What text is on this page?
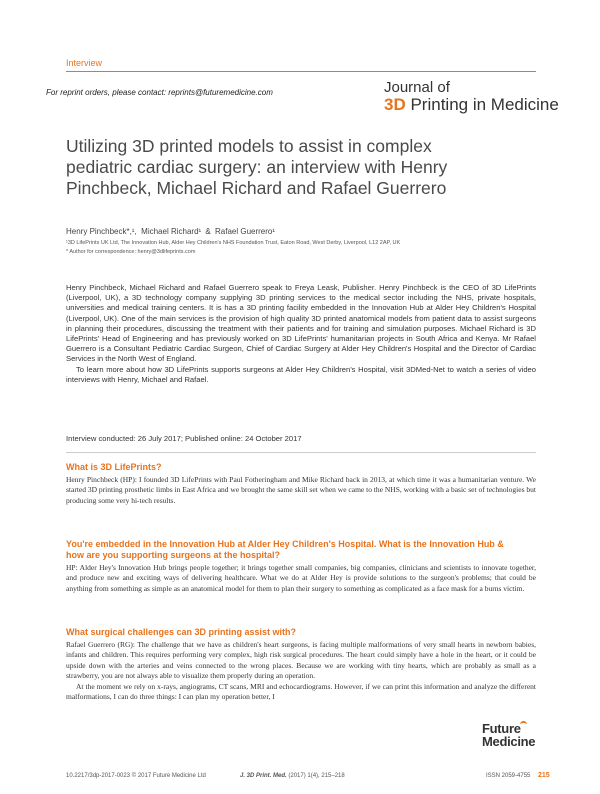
Interview
For reprint orders, please contact: reprints@futuremedicine.com	Journal of
3D Printing in Medicine
Utilizing 3D printed models to assist in complex pediatric cardiac surgery: an interview with Henry Pinchbeck, Michael Richard and Rafael Guerrero
Henry Pinchbeck*,¹, Michael Richard¹ & Rafael Guerrero¹
¹3D LifePrints UK Ltd, The Innovation Hub, Alder Hey Children's NHS Foundation Trust, Eaton Road, West Derby, Liverpool, L12 2AP, UK
* Author for correspondence: henry@3dlifeprints.com

Henry Pinchbeck, Michael Richard and Rafael Guerrero speak to Freya Leask, Publisher. Henry Pinchbeck is the CEO of 3D LifePrints (Liverpool, UK), a 3D technology company supplying 3D printing services to the medical sector including the NHS, private hospitals, universities and medical training centers. It is has a 3D printing facility embedded in the Innovation Hub at Alder Hey Children's Hospital (Liverpool, UK). One of the main services is the provision of high quality 3D printed anatomical models from patient data to assist surgeons in planning their procedures, discussing the treatment with their patients and for training and simulation purposes. Michael Richard is 3D LifePrints' Head of Engineering and has previously worked on 3D LifePrints' humanitarian projects in South Africa and Kenya. Mr Rafael Guerrero is a Consultant Pediatric Cardiac Surgeon, Chief of Cardiac Surgery at Alder Hey Children's Hospital and the Director of Cardiac Services in the North West of England.

To learn more about how 3D LifePrints supports surgeons at Alder Hey Children's Hospital, visit 3DMed-Net to watch a series of video interviews with Henry, Michael and Rafael.

Interview conducted: 26 July 2017; Published online: 24 October 2017
What is 3D LifePrints?

Henry Pinchbeck (HP): I founded 3D LifePrints with Paul Fotheringham and Mike Richard back in 2013, at which time it was a humanitarian venture. We started 3D printing prosthetic limbs in East Africa and we brought the same skill set when we came to the NHS, working with a basic set of technologies but producing some very hi-tech results.

You're embedded in the Innovation Hub at Alder Hey Children's Hospital. What is the Innovation Hub & how are you supporting surgeons at the hospital?

HP: Alder Hey's Innovation Hub brings people together; it brings together small companies, big companies, clinicians and scientists to innovate together, and produce new and exciting ways of delivering healthcare. What we do at Alder Hey is provide solutions to the surgeon's problems; that could be anything from something as simple as an anatomical model for them to plan their surgery to something as complicated as a face mask for a burns victim.

What surgical challenges can 3D printing assist with?

Rafael Guerrero (RG): The challenge that we have as children's heart surgeons, is facing multiple malformations of very small hearts in newborn babies, infants and children. This requires performing very complex, high risk surgical procedures. The heart could simply have a hole in the heart, or it could be upside down with the arteries and veins connected to the wrong places. Because we are working with tiny hearts, which are probably as small as a strawberry, you are not always able to visualize them properly during an operation.

At the moment we rely on x-rays, angiograms, CT scans, MRI and echocardiograms. However, if we can print this information and analyze the different malformations, I can do three things: I can plan my operation better, I

Future
Medicine
10.2217/3dp-2017-0023 © 2017 Future Medicine Ltd	J. 3D Print. Med. (2017) 1(4), 215–218	ISSN 2059-4755 215
